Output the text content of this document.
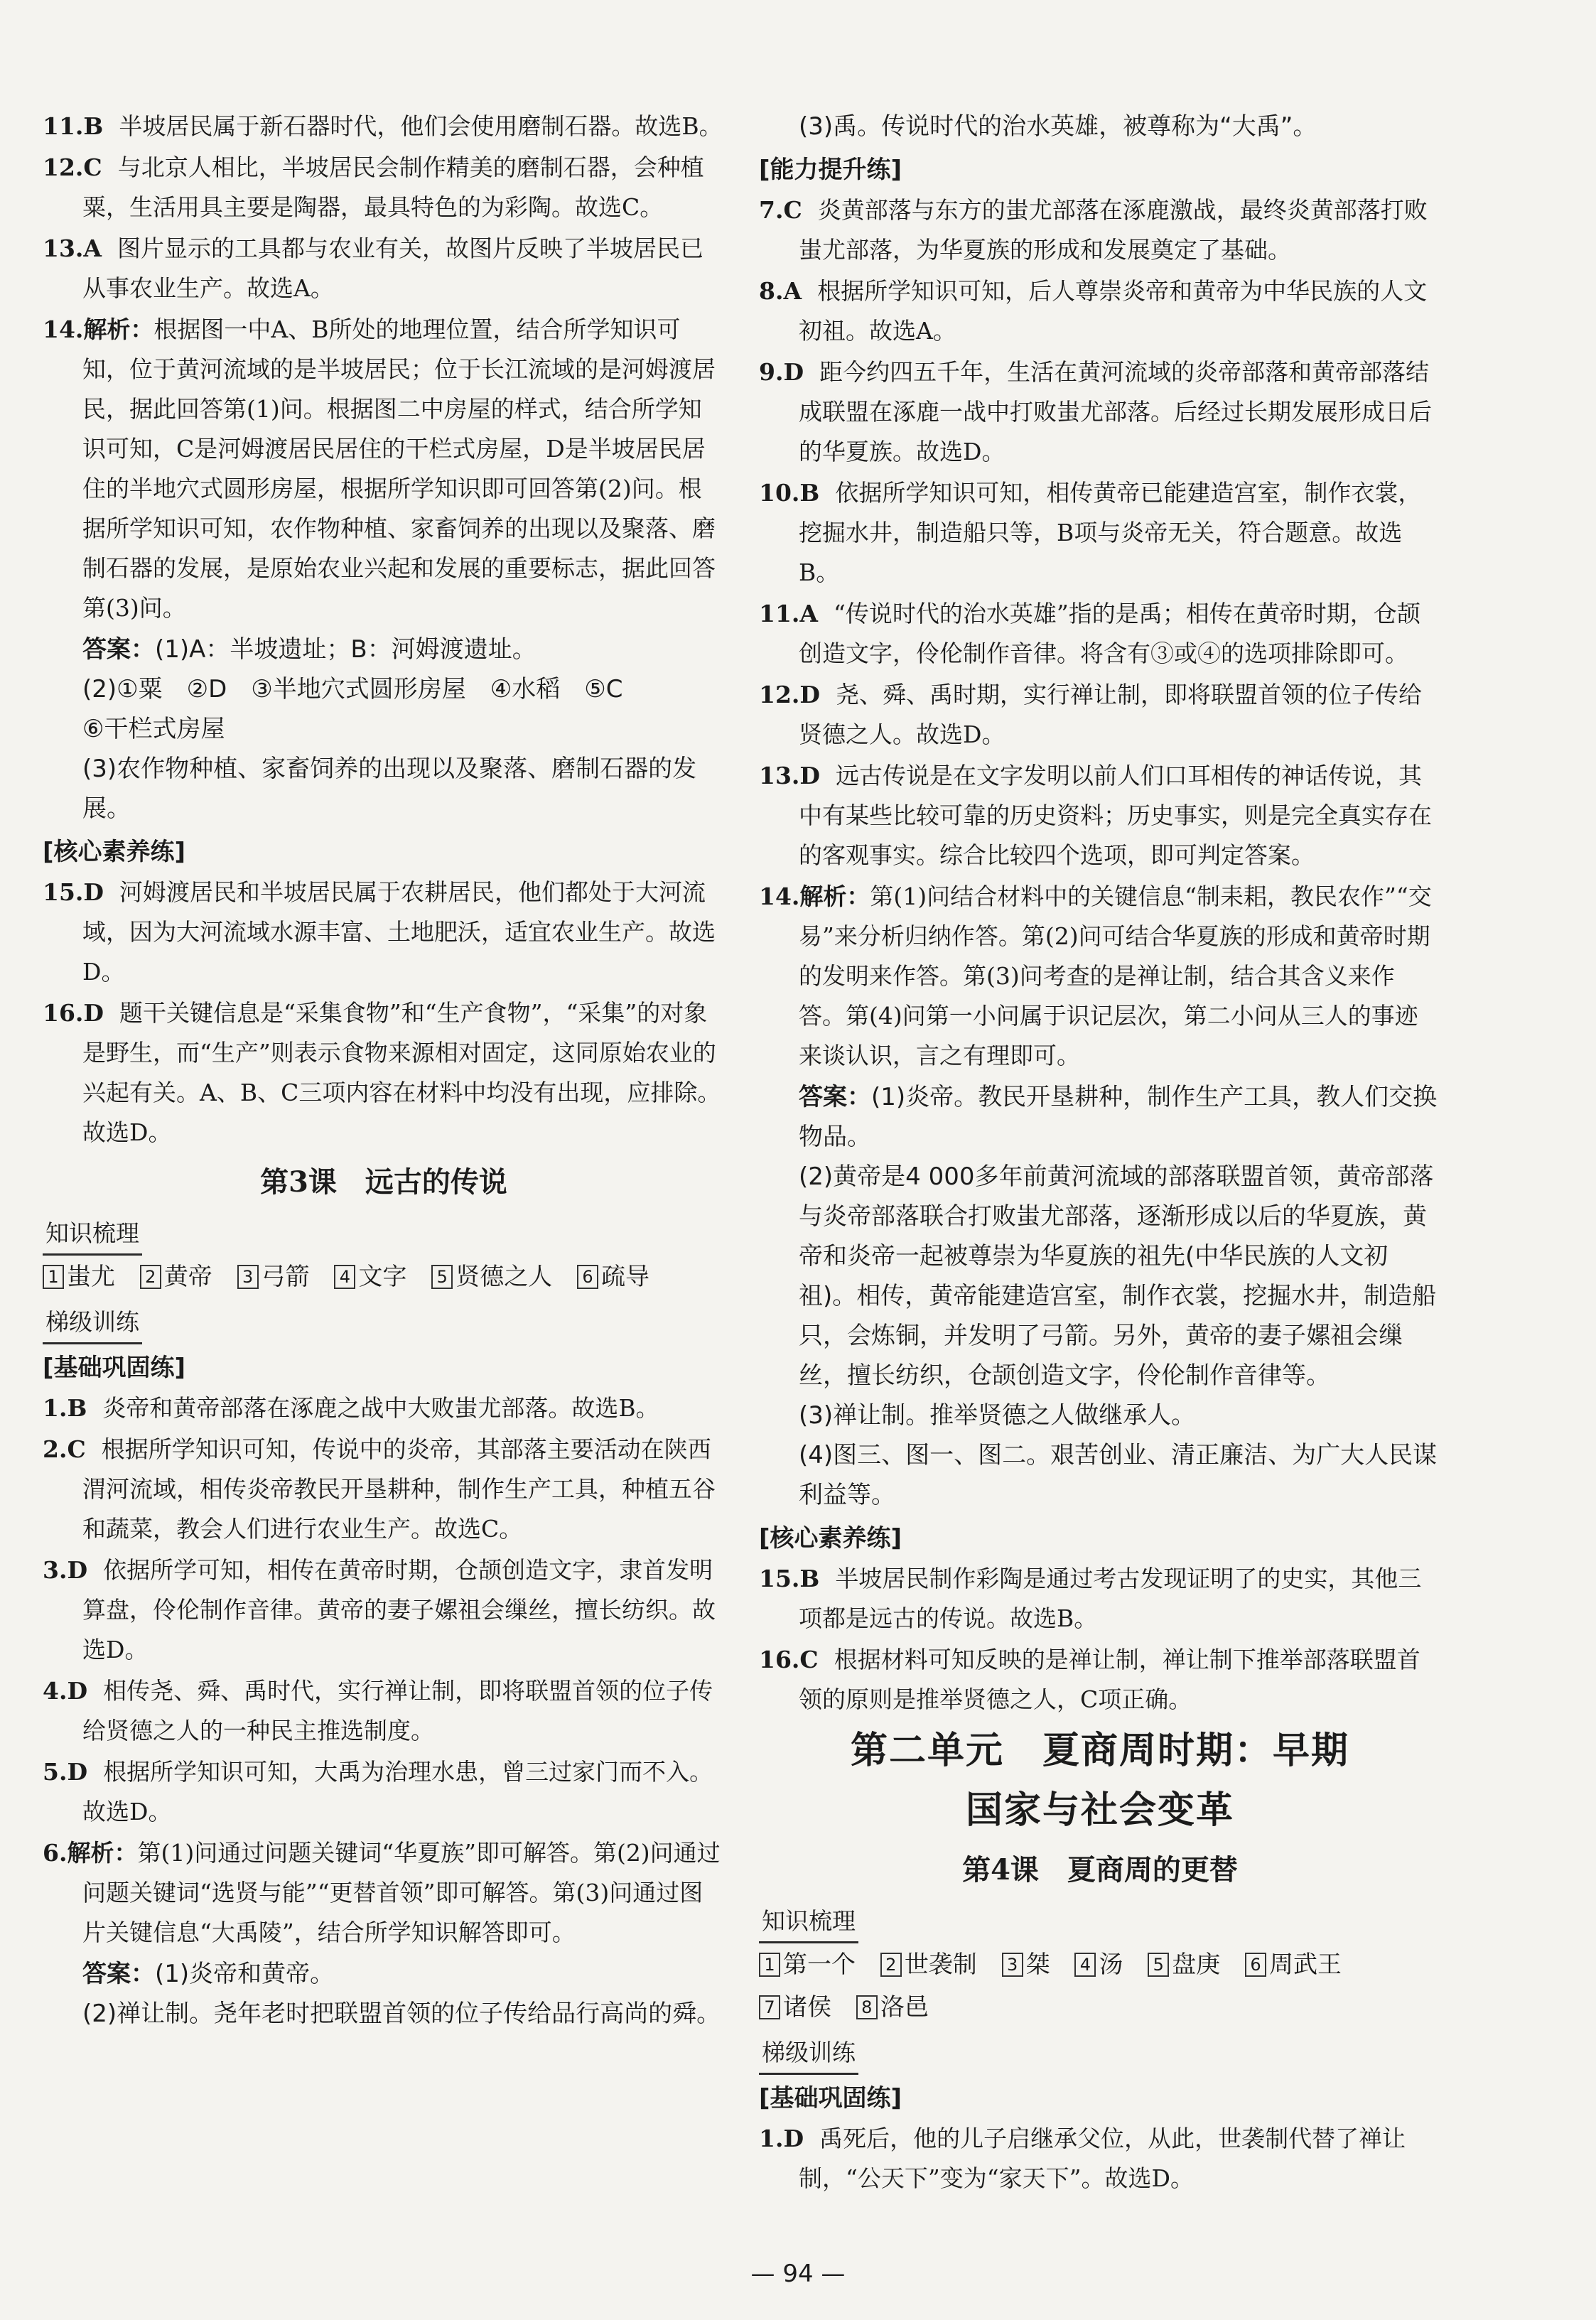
11.B 半坡居民属于新石器时代，他们会使用磨制石器。故选B。

12.C 与北京人相比，半坡居民会制作精美的磨制石器，会种植粟，生活用具主要是陶器，最具特色的为彩陶。故选C。

13.A 图片显示的工具都与农业有关，故图片反映了半坡居民已从事农业生产。故选A。

14.解析：根据图一中A、B所处的地理位置，结合所学知识可知，位于黄河流域的是半坡居民；位于长江流域的是河姆渡居民，据此回答第(1)问。根据图二中房屋的样式，结合所学知识可知，C是河姆渡居民居住的干栏式房屋，D是半坡居民居住的半地穴式圆形房屋，根据所学知识即可回答第(2)问。根据所学知识可知，农作物种植、家畜饲养的出现以及聚落、磨制石器的发展，是原始农业兴起和发展的重要标志，据此回答第(3)问。

答案：(1)A：半坡遗址；B：河姆渡遗址。

(2)①粟　②D　③半地穴式圆形房屋　④水稻　⑤C

⑥干栏式房屋

(3)农作物种植、家畜饲养的出现以及聚落、磨制石器的发展。

[核心素养练]

15.D 河姆渡居民和半坡居民属于农耕居民，他们都处于大河流域，因为大河流域水源丰富、土地肥沃，适宜农业生产。故选D。

16.D 题干关键信息是“采集食物”和“生产食物”，“采集”的对象是野生，而“生产”则表示食物来源相对固定，这同原始农业的兴起有关。A、B、C三项内容在材料中均没有出现，应排除。故选D。

第3课　远古的传说

知识梳理

1 蚩尤 2 黄帝 3 弓箭 4 文字 5 贤德之人 6 疏导

梯级训练

[基础巩固练]

1.B 炎帝和黄帝部落在涿鹿之战中大败蚩尤部落。故选B。

2.C 根据所学知识可知，传说中的炎帝，其部落主要活动在陕西渭河流域，相传炎帝教民开垦耕种，制作生产工具，种植五谷和蔬菜，教会人们进行农业生产。故选C。

3.D 依据所学可知，相传在黄帝时期，仓颉创造文字，隶首发明算盘，伶伦制作音律。黄帝的妻子嫘祖会缫丝，擅长纺织。故选D。

4.D 相传尧、舜、禹时代，实行禅让制，即将联盟首领的位子传给贤德之人的一种民主推选制度。

5.D 根据所学知识可知，大禹为治理水患，曾三过家门而不入。故选D。

6.解析：第(1)问通过问题关键词“华夏族”即可解答。第(2)问通过问题关键词“选贤与能”“更替首领”即可解答。第(3)问通过图片关键信息“大禹陵”，结合所学知识解答即可。

答案：(1)炎帝和黄帝。

(2)禅让制。尧年老时把联盟首领的位子传给品行高尚的舜。

(3)禹。传说时代的治水英雄，被尊称为“大禹”。

[能力提升练]

7.C 炎黄部落与东方的蚩尤部落在涿鹿激战，最终炎黄部落打败蚩尤部落，为华夏族的形成和发展奠定了基础。

8.A 根据所学知识可知，后人尊崇炎帝和黄帝为中华民族的人文初祖。故选A。

9.D 距今约四五千年，生活在黄河流域的炎帝部落和黄帝部落结成联盟在涿鹿一战中打败蚩尤部落。后经过长期发展形成日后的华夏族。故选D。

10.B 依据所学知识可知，相传黄帝已能建造宫室，制作衣裳，挖掘水井，制造船只等，B项与炎帝无关，符合题意。故选B。

11.A “传说时代的治水英雄”指的是禹；相传在黄帝时期，仓颉创造文字，伶伦制作音律。将含有③或④的选项排除即可。

12.D 尧、舜、禹时期，实行禅让制，即将联盟首领的位子传给贤德之人。故选D。

13.D 远古传说是在文字发明以前人们口耳相传的神话传说，其中有某些比较可靠的历史资料；历史事实，则是完全真实存在的客观事实。综合比较四个选项，即可判定答案。

14.解析：第(1)问结合材料中的关键信息“制耒耜，教民农作”“交易”来分析归纳作答。第(2)问可结合华夏族的形成和黄帝时期的发明来作答。第(3)问考查的是禅让制，结合其含义来作答。第(4)问第一小问属于识记层次，第二小问从三人的事迹来谈认识，言之有理即可。

答案：(1)炎帝。教民开垦耕种，制作生产工具，教人们交换物品。

(2)黄帝是4 000多年前黄河流域的部落联盟首领，黄帝部落与炎帝部落联合打败蚩尤部落，逐渐形成以后的华夏族，黄帝和炎帝一起被尊崇为华夏族的祖先(中华民族的人文初祖)。相传，黄帝能建造宫室，制作衣裳，挖掘水井，制造船只，会炼铜，并发明了弓箭。另外，黄帝的妻子嫘祖会缫丝，擅长纺织，仓颉创造文字，伶伦制作音律等。

(3)禅让制。推举贤德之人做继承人。

(4)图三、图一、图二。艰苦创业、清正廉洁、为广大人民谋利益等。

[核心素养练]

15.B 半坡居民制作彩陶是通过考古发现证明了的史实，其他三项都是远古的传说。故选B。

16.C 根据材料可知反映的是禅让制，禅让制下推举部落联盟首领的原则是推举贤德之人，C项正确。

第二单元　夏商周时期：早期

国家与社会变革

第4课　夏商周的更替

知识梳理

1 第一个 2 世袭制 3 桀 4 汤 5 盘庚 6 周武王

7 诸侯 8 洛邑

梯级训练

[基础巩固练]

1.D 禹死后，他的儿子启继承父位，从此，世袭制代替了禅让制，“公天下”变为“家天下”。故选D。

— 94 —
